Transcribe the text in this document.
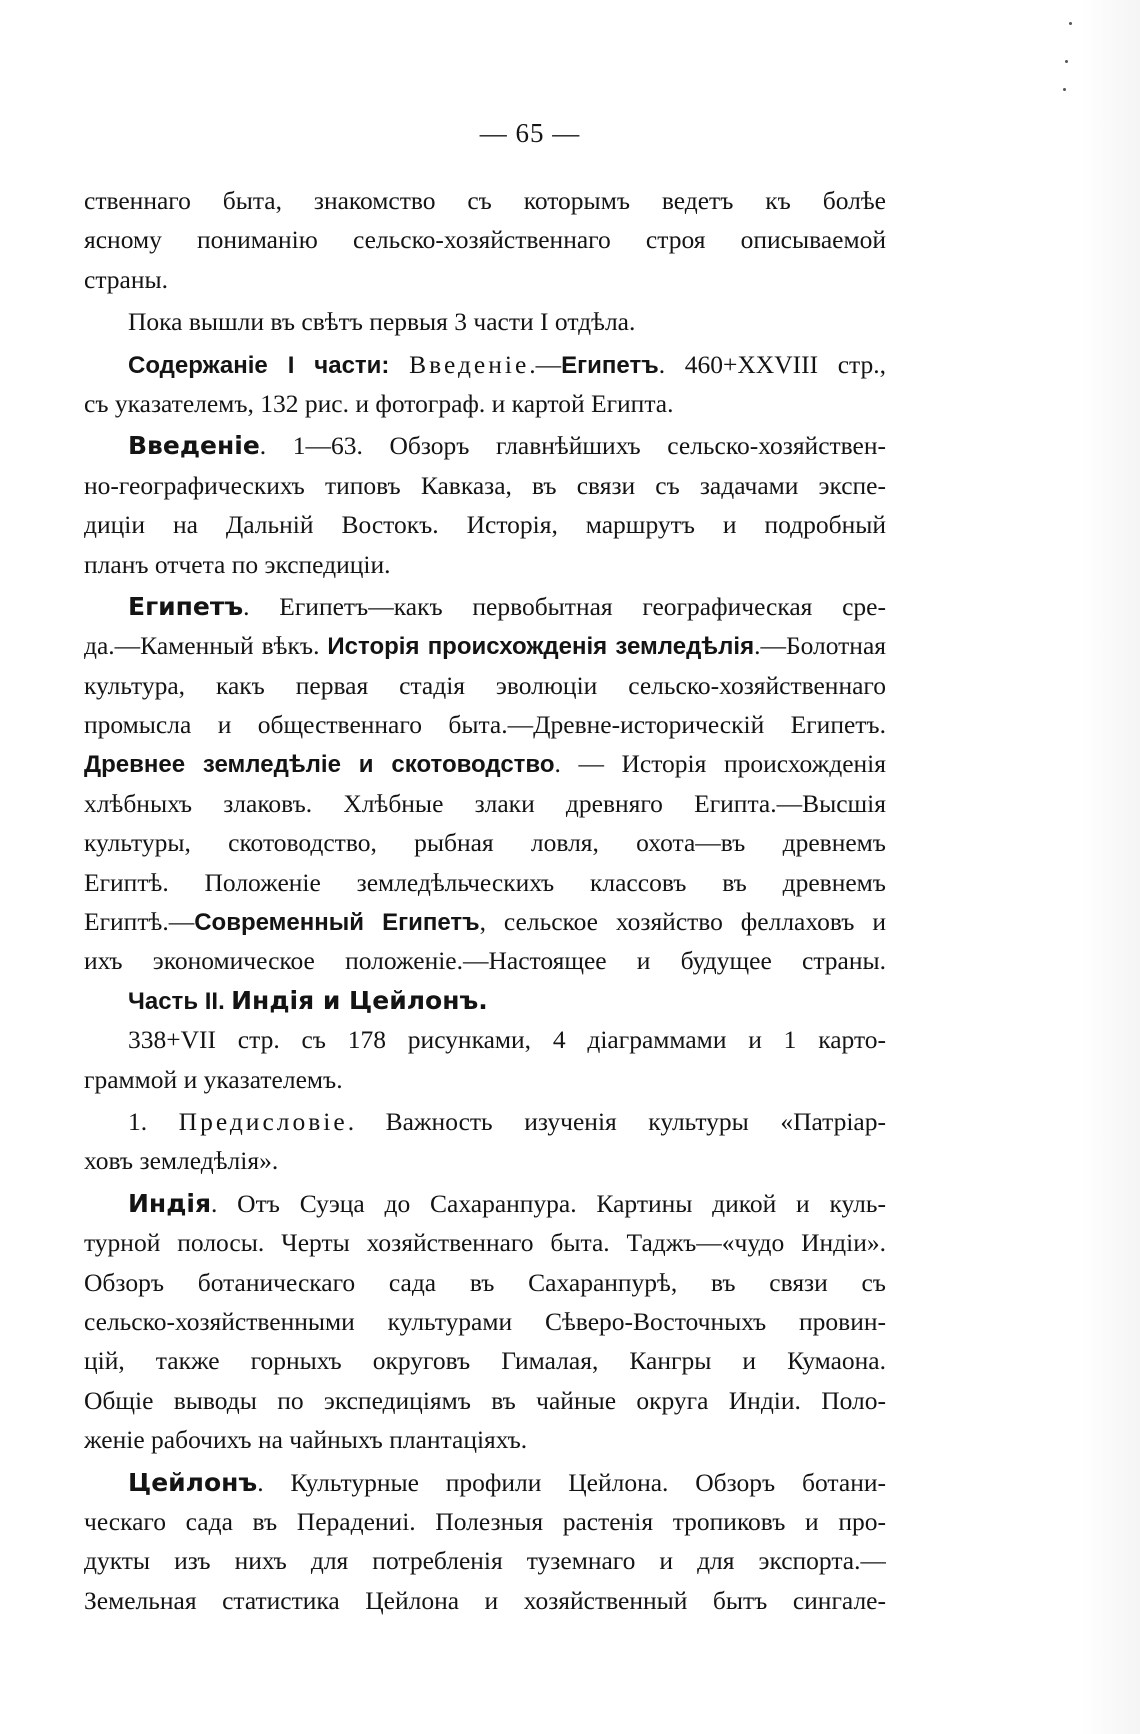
— 65 —
ственнаго быта, знакомство съ которымъ ведетъ къ болѣе
ясному пониманію сельско-хозяйственнаго строя описываемой
страны.
Пока вышли въ свѣтъ первыя 3 части I отдѣла.
Содержаніе I части: Введеніе.—Египетъ. 460+XXVIII стр.,
съ указателемъ, 132 рис. и фотограф. и картой Египта.
Введеніе. 1—63. Обзоръ главнѣйшихъ сельско-хозяйствен-
но-географическихъ типовъ Кавказа, въ связи съ задачами экспе-
диціи на Дальній Востокъ. Исторія, маршрутъ и подробный
планъ отчета по экспедиціи.
Египетъ. Египетъ—какъ первобытная географическая сре-
да.—Каменный вѣкъ. Исторія происхожденія земледѣлія.—Болотная
культура, какъ первая стадія эволюціи сельско-хозяйственнаго
промысла и общественнаго быта.—Древне-историческій Египетъ.
Древнее земледѣліе и скотоводство. — Исторія происхожденія
хлѣбныхъ злаковъ. Хлѣбные злаки древняго Египта.—Высшія
культуры, скотоводство, рыбная ловля, охота—въ древнемъ
Египтѣ. Положеніе земледѣльческихъ классовъ въ древнемъ
Египтѣ.—Современный Египетъ, сельское хозяйство феллаховъ и
ихъ экономическое положеніе.—Настоящее и будущее страны.
Часть II. Индія и Цейлонъ.
338+VII стр. съ 178 рисунками, 4 діаграммами и 1 карто-
граммой и указателемъ.
1. Предисловіе. Важность изученія культуры «Патріар-
ховъ земледѣлія».
Индія. Отъ Суэца до Сахаранпура. Картины дикой и куль-
турной полосы. Черты хозяйственнаго быта. Таджъ—«чудо Индіи».
Обзоръ ботаническаго сада въ Сахаранпурѣ, въ связи съ
сельско-хозяйственными культурами Сѣверо-Восточныхъ провин-
цій, также горныхъ округовъ Гималая, Кангры и Кумаона.
Общіе выводы по экспедиціямъ въ чайные округа Индіи. Поло-
женіе рабочихъ на чайныхъ плантаціяхъ.
Цейлонъ. Культурные профили Цейлона. Обзоръ ботани-
ческаго сада въ Перадениі. Полезныя растенія тропиковъ и про-
дукты изъ нихъ для потребленія туземнаго и для экспорта.—
Земельная статистика Цейлона и хозяйственный бытъ сингале-
